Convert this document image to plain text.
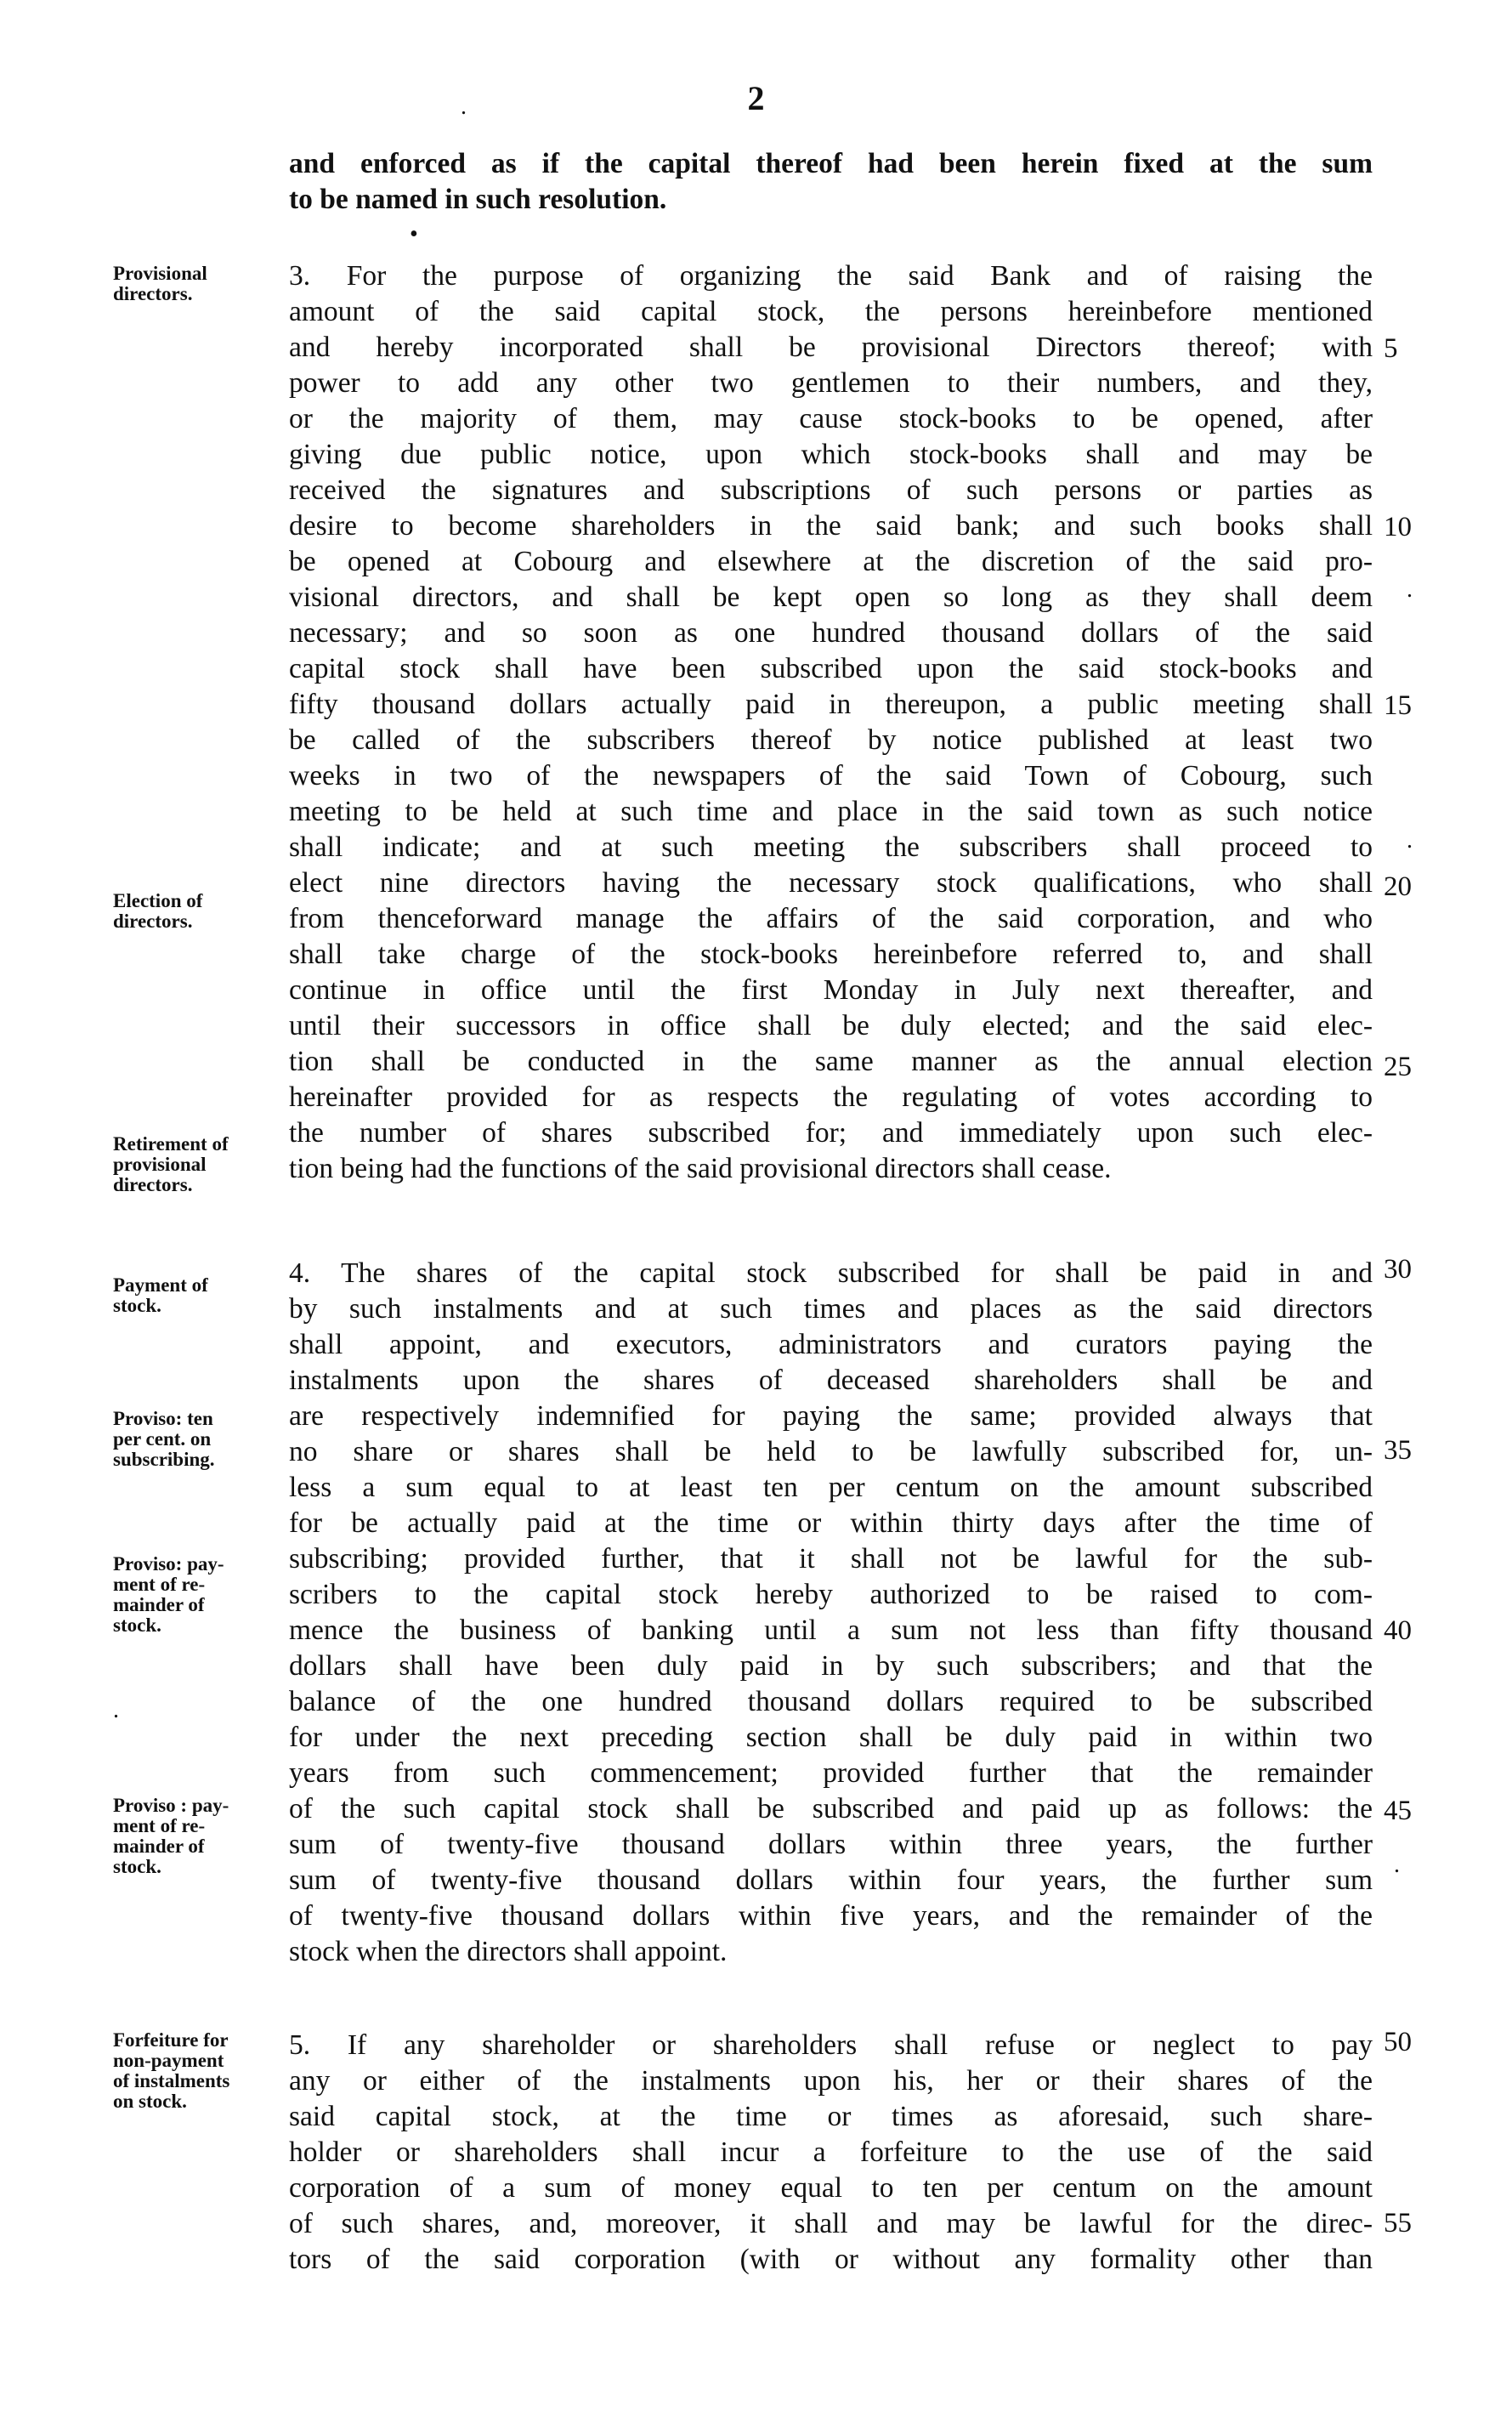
2
.
•
.
.
.
.
Provisional
directors.
Election of
directors.
Retirement of
provisional
directors.
Payment of
stock.
Proviso: ten
per cent. on
subscribing.
Proviso: pay-
ment of re-
mainder of
stock.
Proviso : pay-
ment of re-
mainder of
stock.
Forfeiture for
non-payment
of instalments
on stock.
5
10
15
20
25
30
35
40
45
50
55
and enforced as if the capital thereof had been herein fixed at the sum
to be named in such resolution.
3. For the purpose of organizing the said Bank and of raising the
amount of the said capital stock, the persons hereinbefore mentioned
and hereby incorporated shall be provisional Directors thereof; with
power to add any other two gentlemen to their numbers, and they,
or the majority of them, may cause stock-books to be opened, after
giving due public notice, upon which stock-books shall and may be
received the signatures and subscriptions of such persons or parties as
desire to become shareholders in the said bank; and such books shall
be opened at Cobourg and elsewhere at the discretion of the said pro-
visional directors, and shall be kept open so long as they shall deem
necessary; and so soon as one hundred thousand dollars of the said
capital stock shall have been subscribed upon the said stock-books and
fifty thousand dollars actually paid in thereupon, a public meeting shall
be called of the subscribers thereof by notice published at least two
weeks in two of the newspapers of the said Town of Cobourg, such
meeting to be held at such time and place in the said town as such notice
shall indicate; and at such meeting the subscribers shall proceed to
elect nine directors having the necessary stock qualifications, who shall
from thenceforward manage the affairs of the said corporation, and who
shall take charge of the stock-books hereinbefore referred to, and shall
continue in office until the first Monday in July next thereafter, and
until their successors in office shall be duly elected; and the said elec-
tion shall be conducted in the same manner as the annual election
hereinafter provided for as respects the regulating of votes according to
the number of shares subscribed for; and immediately upon such elec-
tion being had the functions of the said provisional directors shall cease.
4. The shares of the capital stock subscribed for shall be paid in and
by such instalments and at such times and places as the said directors
shall appoint, and executors, administrators and curators paying the
instalments upon the shares of deceased shareholders shall be and
are respectively indemnified for paying the same; provided always that
no share or shares shall be held to be lawfully subscribed for, un-
less a sum equal to at least ten per centum on the amount subscribed
for be actually paid at the time or within thirty days after the time of
subscribing; provided further, that it shall not be lawful for the sub-
scribers to the capital stock hereby authorized to be raised to com-
mence the business of banking until a sum not less than fifty thousand
dollars shall have been duly paid in by such subscribers; and that the
balance of the one hundred thousand dollars required to be subscribed
for under the next preceding section shall be duly paid in within two
years from such commencement; provided further that the remainder
of the such capital stock shall be subscribed and paid up as follows: the
sum of twenty-five thousand dollars within three years, the further
sum of twenty-five thousand dollars within four years, the further sum
of twenty-five thousand dollars within five years, and the remainder of the
stock when the directors shall appoint.
5. If any shareholder or shareholders shall refuse or neglect to pay
any or either of the instalments upon his, her or their shares of the
said capital stock, at the time or times as aforesaid, such share-
holder or shareholders shall incur a forfeiture to the use of the said
corporation of a sum of money equal to ten per centum on the amount
of such shares, and, moreover, it shall and may be lawful for the direc-
tors of the said corporation (with or without any formality other than
